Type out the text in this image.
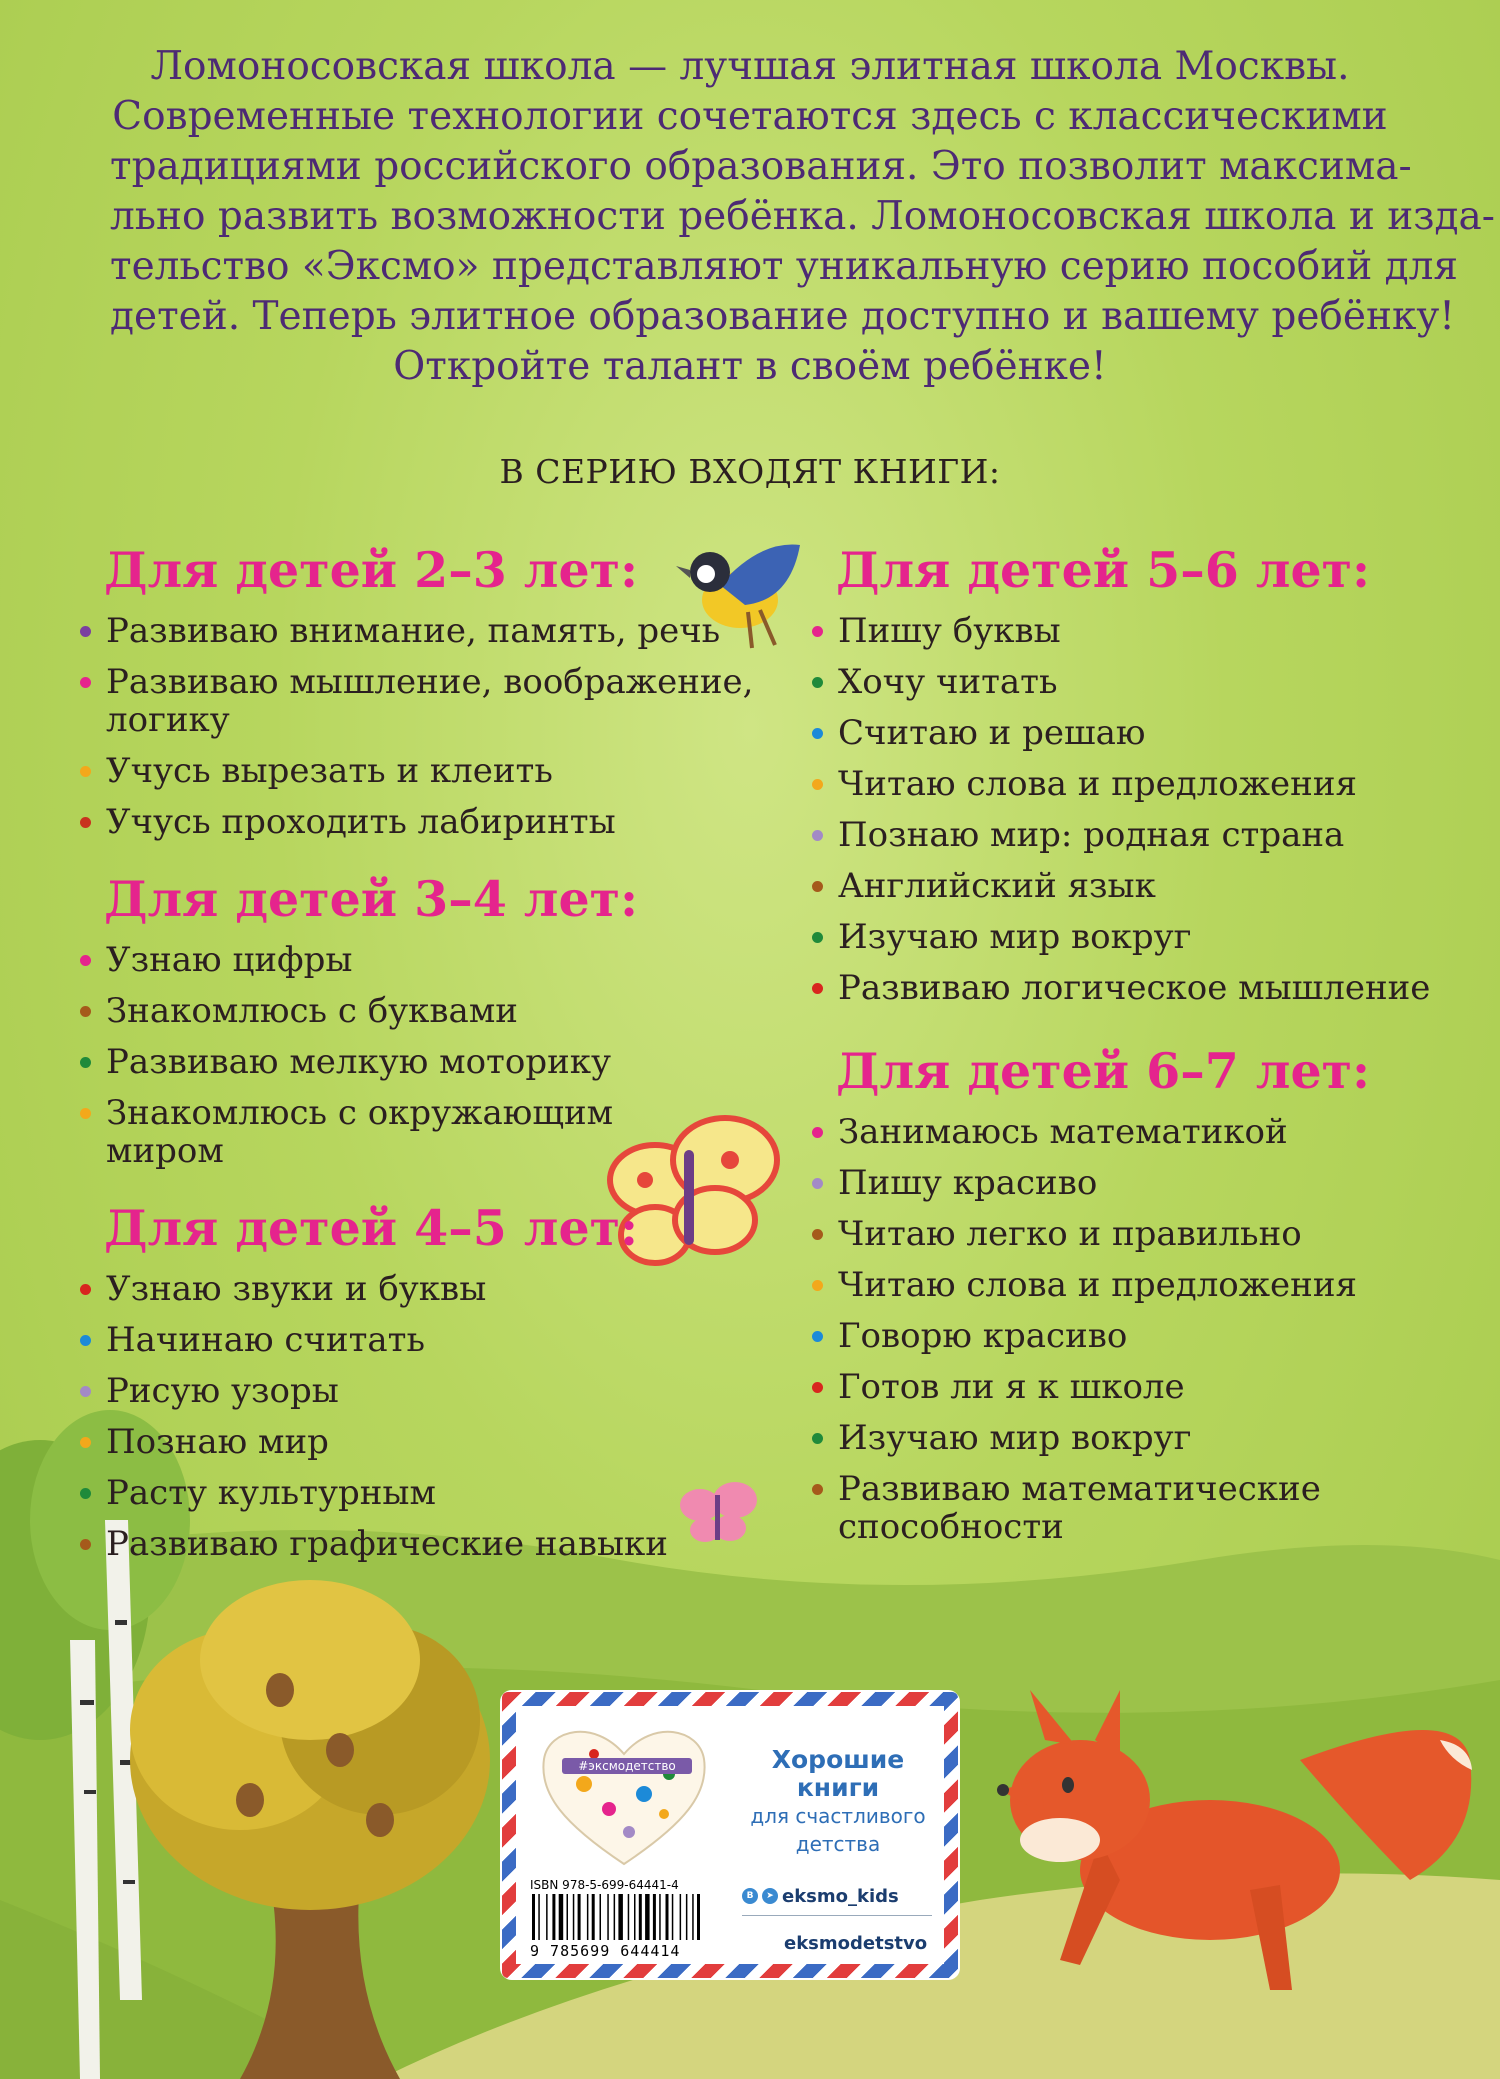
Ломоносовская школа — лучшая элитная школа Москвы.
Современные технологии сочетаются здесь с классическими
традициями российского образования. Это позволит максима-
льно развить возможности ребёнка. Ломоносовская школа и изда-
тельство «Эксмо» представляют уникальную серию пособий для
детей. Теперь элитное образование доступно и вашему ребёнку!
Откройте талант в своём ребёнке!
В СЕРИЮ ВХОДЯТ КНИГИ:
Для детей 2–3 лет:
Развиваю внимание, память, речь
Развиваю мышление, воображение,
логику
Учусь вырезать и клеить
Учусь проходить лабиринты
Для детей 3–4 лет:
Узнаю цифры
Знакомлюсь с буквами
Развиваю мелкую моторику
Знакомлюсь с окружающим
миром
Для детей 4–5 лет:
Узнаю звуки и буквы
Начинаю считать
Рисую узоры
Познаю мир
Расту культурным
Развиваю графические навыки
Для детей 5–6 лет:
Пишу буквы
Хочу читать
Считаю и решаю
Читаю слова и предложения
Познаю мир: родная страна
Английский язык
Изучаю мир вокруг
Развиваю логическое мышление
Для детей 6–7 лет:
Занимаюсь математикой
Пишу красиво
Читаю легко и правильно
Читаю слова и предложения
Говорю красиво
Готов ли я к школе
Изучаю мир вокруг
Развиваю математические
способности
#эксмодетство	Хорошие
книги
для счастливого
детства
ISBN 978-5-699-64441-4
9 785699 644414
B	➤ eksmo_kids
eksmodetstvo
